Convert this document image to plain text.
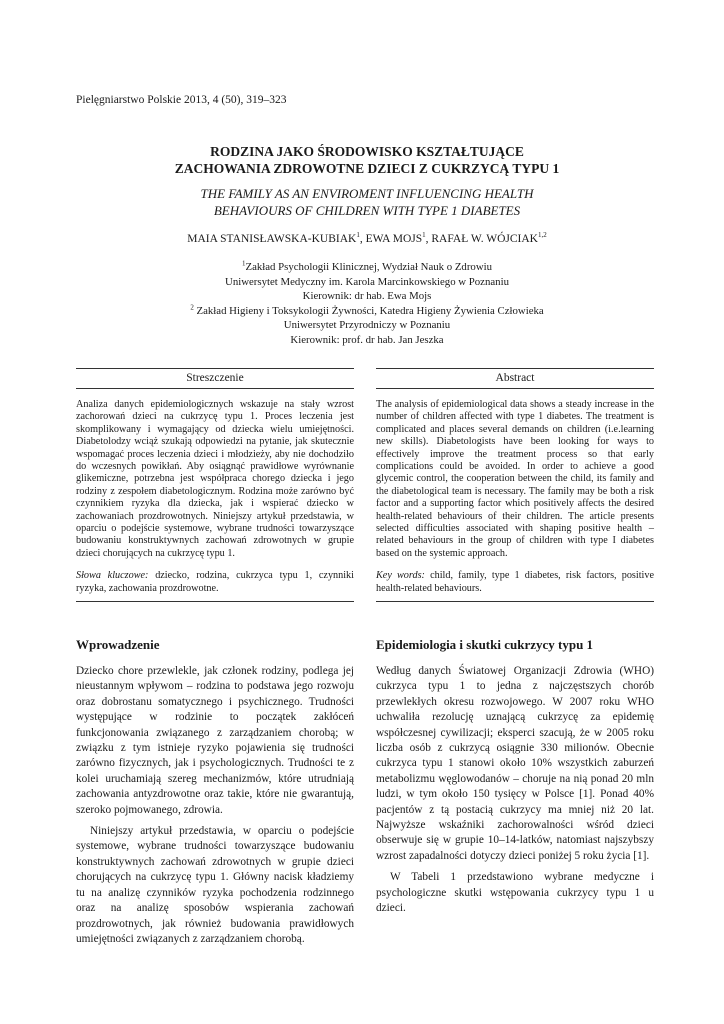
Pielęgniarstwo Polskie 2013, 4 (50), 319–323
RODZINA JAKO ŚRODOWISKO KSZTAŁTUJĄCE
ZACHOWANIA ZDROWOTNE DZIECI Z CUKRZYCĄ TYPU 1
THE FAMILY AS AN ENVIROMENT INFLUENCING HEALTH
BEHAVIOURS OF CHILDREN WITH TYPE 1 DIABETES
MAIA STANISŁAWSKA-KUBIAK$^1$, EWA MOJS$^1$, RAFAŁ W. WÓJCIAK$^{1,2}$
$^1$Zakład Psychologii Klinicznej, Wydział Nauk o Zdrowiu
Uniwersytet Medyczny im. Karola Marcinkowskiego w Poznaniu
Kierownik: dr hab. Ewa Mojs
$^2$ Zakład Higieny i Toksykologii Żywności, Katedra Higieny Żywienia Człowieka
Uniwersytet Przyrodniczy w Poznaniu
Kierownik: prof. dr hab. Jan Jeszka
Streszczenie
Analiza danych epidemiologicznych wskazuje na stały wzrost zachorowań dzieci na cukrzycę typu 1. Proces leczenia jest skomplikowany i wymagający od dziecka wielu umiejętności. Diabetolodzy wciąż szukają odpowiedzi na pytanie, jak skutecznie wspomagać proces leczenia dzieci i młodzieży, aby nie dochodziło do wczesnych powikłań. Aby osiągnąć prawidłowe wyrównanie glikemiczne, potrzebna jest współpraca chorego dziecka i jego rodziny z zespołem diabetologicznym. Rodzina może zarówno być czynnikiem ryzyka dla dziecka, jak i wspierać dziecko w zachowaniach prozdrowotnych. Niniejszy artykuł przedstawia, w oparciu o podejście systemowe, wybrane trudności towarzyszące budowaniu konstruktywnych zachowań zdrowotnych w grupie dzieci chorujących na cukrzycę typu 1.
Słowa kluczowe: dziecko, rodzina, cukrzyca typu 1, czynniki ryzyka, zachowania prozdrowotne.
Abstract
The analysis of epidemiological data shows a steady increase in the number of children affected with type 1 diabetes. The treatment is complicated and places several demands on children (i.e.learning new skills). Diabetologists have been looking for ways to effectively improve the treatment process so that early complications could be avoided. In order to achieve a good glycemic control, the cooperation between the child, its family and the diabetological team is necessary. The family may be both a risk factor and a supporting factor which positively affects the desired health-related behaviours of their children. The article presents selected difficulties associated with shaping positive health – related behaviours in the group of children with type I diabetes based on the systemic approach.
Key words: child, family, type 1 diabetes, risk factors, positive health-related behaviours.
Wprowadzenie

Dziecko chore przewlekle, jak członek rodziny, podlega jej nieustannym wpływom – rodzina to podstawa jego rozwoju oraz dobrostanu somatycznego i psychicznego. Trudności występujące w rodzinie to początek zakłóceń funkcjonowania związanego z zarządzaniem chorobą; w związku z tym istnieje ryzyko pojawienia się trudności zarówno fizycznych, jak i psychologicznych. Trudności te z kolei uruchamiają szereg mechanizmów, które utrudniają zachowania antyzdrowotne oraz takie, które nie gwarantują, szeroko pojmowanego, zdrowia.

Niniejszy artykuł przedstawia, w oparciu o podejście systemowe, wybrane trudności towarzyszące budowaniu konstruktywnych zachowań zdrowotnych w grupie dzieci chorujących na cukrzycę typu 1. Główny nacisk kładziemy tu na analizę czynników ryzyka pochodzenia rodzinnego oraz na analizę sposobów wspierania zachowań prozdrowotnych, jak również budowania prawidłowych umiejętności związanych z zarządzaniem chorobą.

Epidemiologia i skutki cukrzycy typu 1

Według danych Światowej Organizacji Zdrowia (WHO) cukrzyca typu 1 to jedna z najczęstszych chorób przewlekłych okresu rozwojowego. W 2007 roku WHO uchwaliła rezolucję uznającą cukrzycę za epidemię współczesnej cywilizacji; eksperci szacują, że w 2005 roku liczba osób z cukrzycą osiągnie 330 milionów. Obecnie cukrzyca typu 1 stanowi około 10% wszystkich zaburzeń metabolizmu węglowodanów – choruje na nią ponad 20 mln ludzi, w tym około 150 tysięcy w Polsce [1]. Ponad 40% pacjentów z tą postacią cukrzycy ma mniej niż 20 lat. Najwyższe wskaźniki zachorowalności wśród dzieci obserwuje się w grupie 10–14-latków, natomiast najszybszy wzrost zapadalności dotyczy dzieci poniżej 5 roku życia [1].

W Tabeli 1 przedstawiono wybrane medyczne i psychologiczne skutki wstępowania cukrzycy typu 1 u dzieci.
